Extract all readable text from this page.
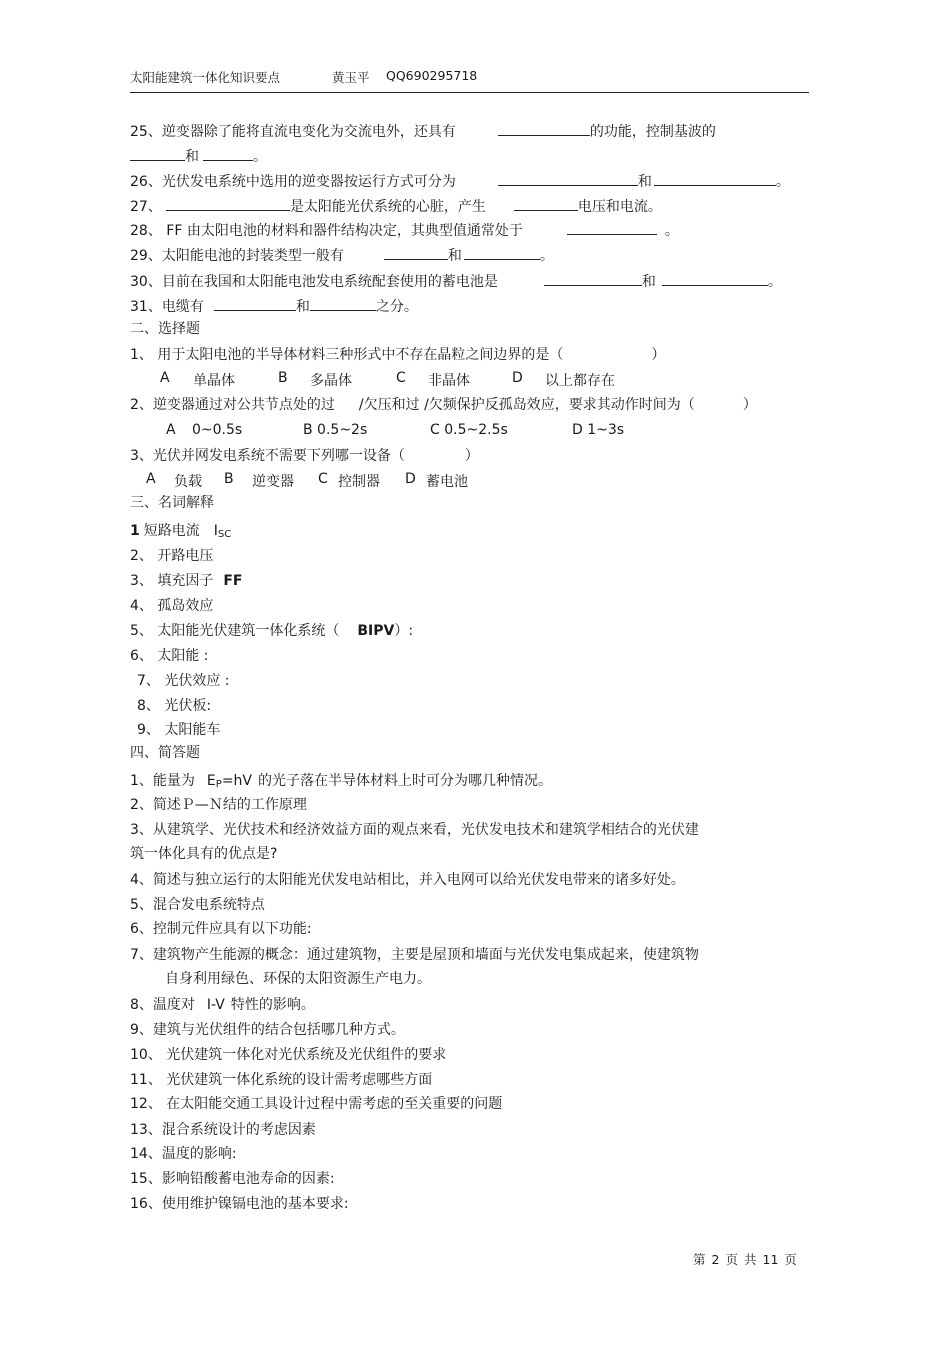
太阳能建筑一体化知识要点	黄玉平 QQ690295718
25、逆变器除了能将直流电变化为交流电外，还具有	的功能，控制基波的
和	。
26、光伏发电系统中选用的逆变器按运行方式可分为	和	。
27、	是太阳能光伏系统的心脏，产生	电压和电流。
28、 FF 由太阳电池的材料和器件结构决定，其典型值通常处于	。
29、太阳能电池的封装类型一般有	和	。
30、目前在我国和太阳能电池发电系统配套使用的蓄电池是	和	。
31、电缆有	和	之分。
二、选择题
1、 用于太阳电池的半导体材料三种形式中不存在晶粒之间边界的是（	）
A 单晶体	B 多晶体	C 非晶体	D 以上都存在
2、逆变器通过对公共节点处的过 /欠压和过 /欠频保护反孤岛效应，要求其动作时间为（	）
A 0~0.5s	B 0.5~2s	C 0.5~2.5s	D 1~3s
3、光伏并网发电系统不需要下列哪一设备（	）
A 负载 B 逆变器 C 控制器 D 蓄电池
三、名词解释
1 短路电流 $I_{SC}$
2、 开路电压
3、 填充因子 FF
4、 孤岛效应
5、 太阳能光伏建筑一体化系统（ BIPV）:
6、 太阳能 :
7、 光伏效应 :
8、 光伏板:
9、 太阳能车
四、简答题
1、能量为 $E_P=hV$ 的光子落在半导体材料上时可分为哪几种情况。
2、简述Ｐ—Ｎ结的工作原理
3、从建筑学、光伏技术和经济效益方面的观点来看，光伏发电技术和建筑学相结合的光伏建
筑一体化具有的优点是?
4、简述与独立运行的太阳能光伏发电站相比，并入电网可以给光伏发电带来的诸多好处。
5、混合发电系统特点
6、控制元件应具有以下功能:
7、建筑物产生能源的概念：通过建筑物，主要是屋顶和墙面与光伏发电集成起来，使建筑物
自身利用绿色、环保的太阳资源生产电力。
8、温度对 I-V 特性的影响。
9、建筑与光伏组件的结合包括哪几种方式。
10、 光伏建筑一体化对光伏系统及光伏组件的要求
11、 光伏建筑一体化系统的设计需考虑哪些方面
12、 在太阳能交通工具设计过程中需考虑的至关重要的问题
13、混合系统设计的考虑因素
14、温度的影响:
15、影响铅酸蓄电池寿命的因素:
16、使用维护镍镉电池的基本要求:
第 2 页 共 11 页
